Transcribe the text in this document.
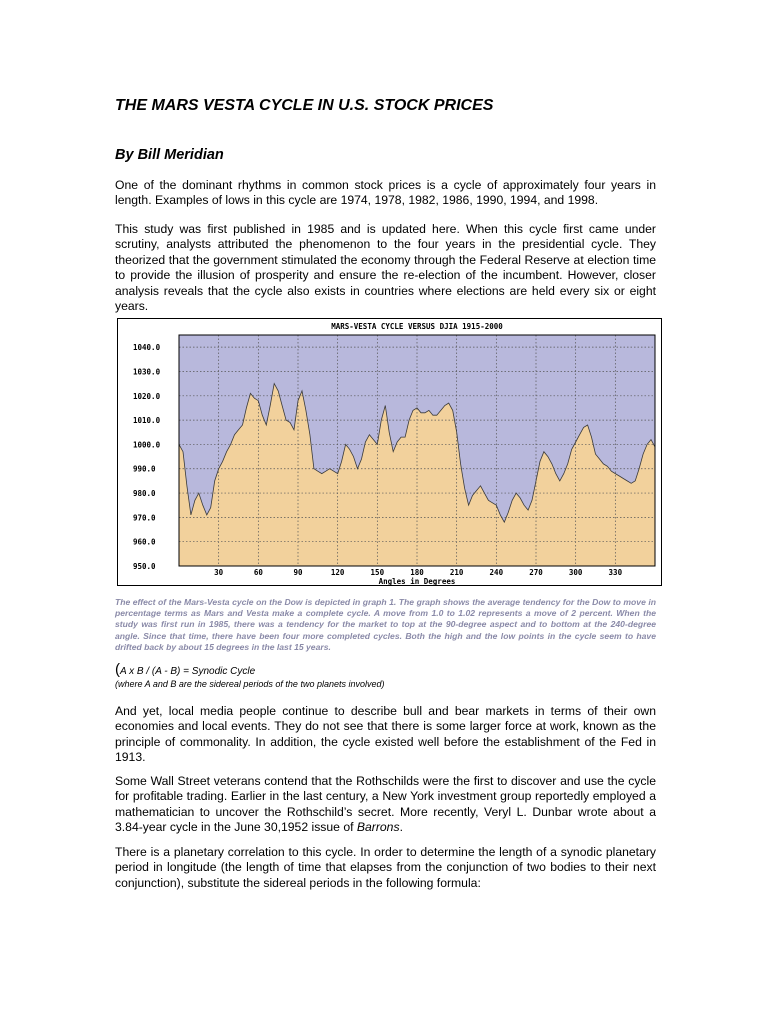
THE MARS VESTA CYCLE IN U.S. STOCK PRICES
By Bill Meridian

One of the dominant rhythms in common stock prices is a cycle of approximately four years in length. Examples of lows in this cycle are 1974, 1978, 1982, 1986, 1990, 1994, and 1998.

This study was first published in 1985 and is updated here. When this cycle first came under scrutiny, analysts attributed the phenomenon to the four years in the presidential cycle. They theorized that the government stimulated the economy through the Federal Reserve at election time to provide the illusion of prosperity and ensure the re-election of the incumbent. However, closer analysis reveals that the cycle also exists in countries where elections are held every six or eight years.

1040.0
1030.0
1020.0
1010.0
1000.0
990.0
980.0
970.0
960.0
950.0
30	60	90	120	150	180	210	240	270	300	330
MARS-VESTA CYCLE VERSUS DJIA 1915-2000
Angles in Degrees

The effect of the Mars-Vesta cycle on the Dow is depicted in graph 1. The graph shows the average tendency for the Dow to move in percentage terms as Mars and Vesta make a complete cycle. A move from 1.0 to 1.02 represents a move of 2 percent. When the study was first run in 1985, there was a tendency for the market to top at the 90-degree aspect and to bottom at the 240-degree angle. Since that time, there have been four more completed cycles. Both the high and the low points in the cycle seem to have drifted back by about 15 degrees in the last 15 years.

(A x B / (A - B) = Synodic Cycle
(where A and B are the sidereal periods of the two planets involved)

And yet, local media people continue to describe bull and bear markets in terms of their own economies and local events. They do not see that there is some larger force at work, known as the principle of commonality. In addition, the cycle existed well before the establishment of the Fed in 1913.

Some Wall Street veterans contend that the Rothschilds were the first to discover and use the cycle for profitable trading. Earlier in the last century, a New York investment group reportedly employed a mathematician to uncover the Rothschild’s secret. More recently, Veryl L. Dunbar wrote about a 3.84-year cycle in the June 30,1952 issue of Barrons.

There is a planetary correlation to this cycle. In order to determine the length of a synodic planetary period in longitude (the length of time that elapses from the conjunction of two bodies to their next conjunction), substitute the sidereal periods in the following formula:
